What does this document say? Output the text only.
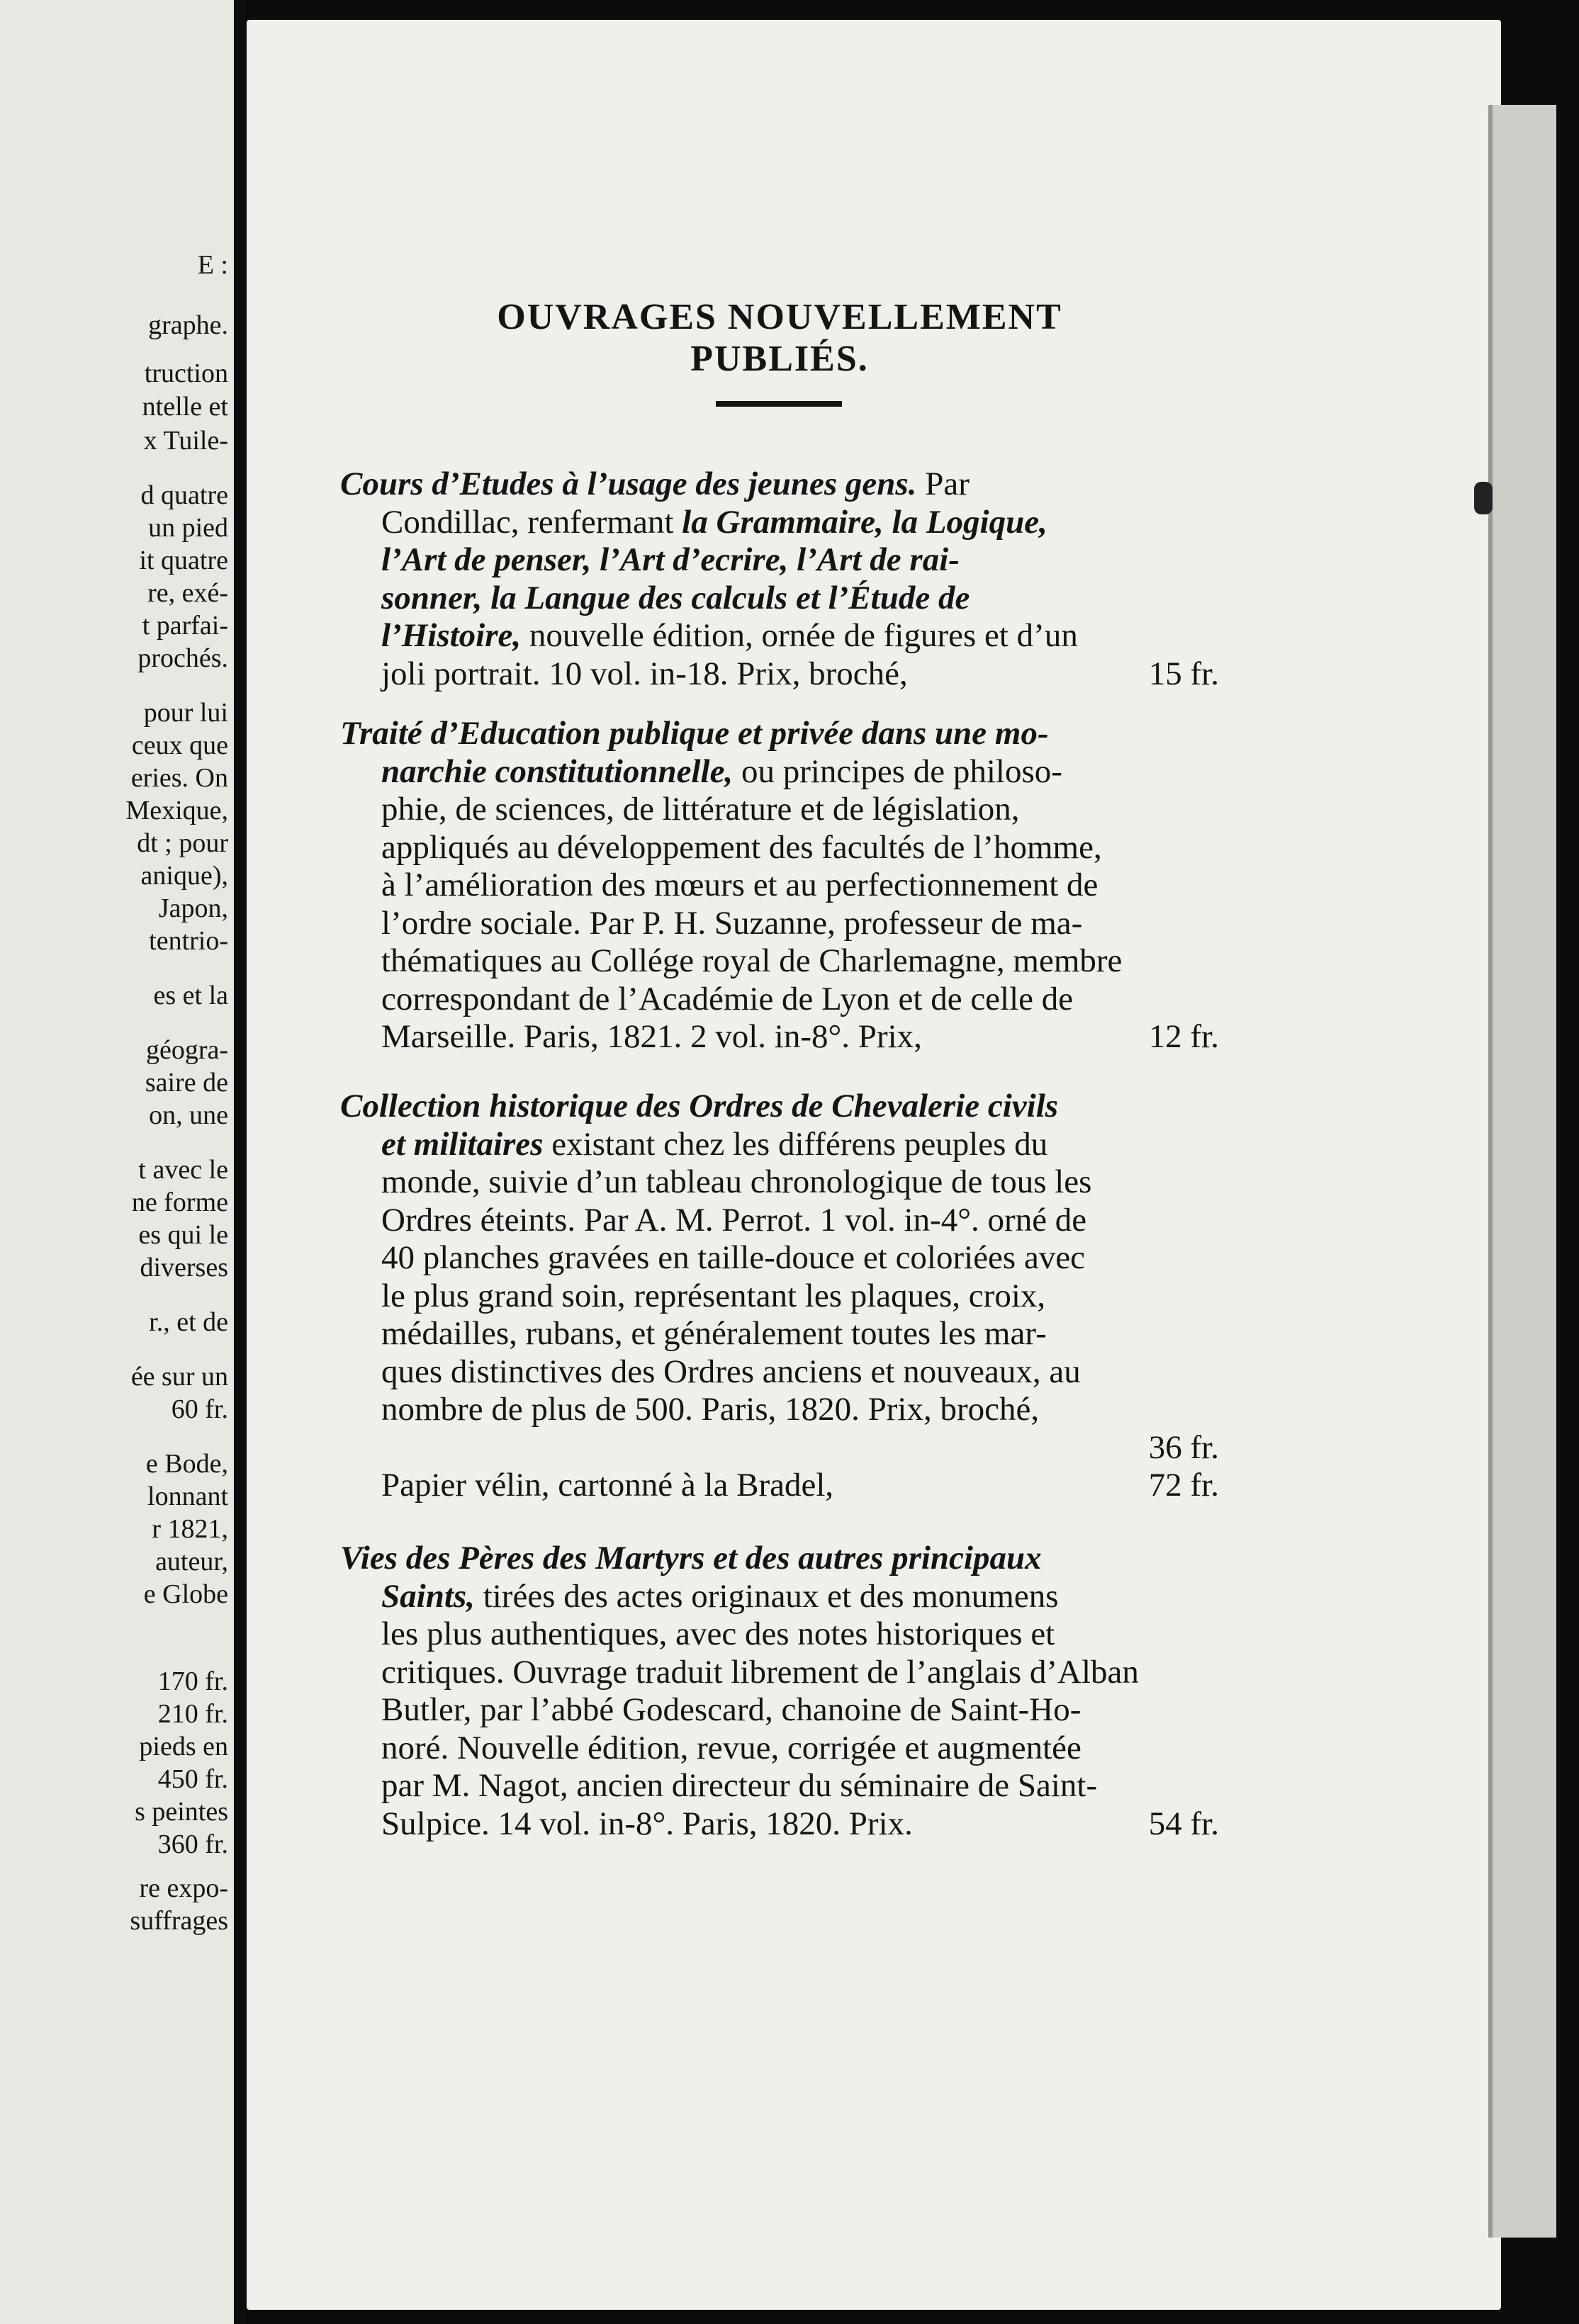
E :
graphe.
truction
ntelle et
x Tuile-
d quatre
un pied
it quatre
re, exé-
t parfai-
prochés.
pour lui
ceux que
eries. On
Mexique,
dt ; pour
anique),
Japon,
tentrio-
es et la
géogra-
saire de
on, une
t avec le
ne forme
es qui le
diverses
r., et de
ée sur un
60 fr.
e Bode,
lonnant
r 1821,
auteur,
e Globe
170 fr.
210 fr.
pieds en
450 fr.
s peintes
360 fr.
re expo-
suffrages
OUVRAGES NOUVELLEMENT PUBLIÉS.
Cours d’Etudes à l’usage des jeunes gens. Par
Condillac, renfermant la Grammaire, la Logique,
l’Art de penser, l’Art d’ecrire, l’Art de rai-
sonner, la Langue des calculs et l’Étude de
l’Histoire, nouvelle édition, ornée de figures et d’un
joli portrait. 10 vol. in-18. Prix, broché,	15 fr.
Traité d’Education publique et privée dans une mo-
narchie constitutionnelle, ou principes de philoso-
phie, de sciences, de littérature et de législation,
appliqués au développement des facultés de l’homme,
à l’amélioration des mœurs et au perfectionnement de
l’ordre sociale. Par P. H. Suzanne, professeur de ma-
thématiques au Collége royal de Charlemagne, membre
correspondant de l’Académie de Lyon et de celle de
Marseille. Paris, 1821. 2 vol. in-8°. Prix,	12 fr.
Collection historique des Ordres de Chevalerie civils
et militaires existant chez les différens peuples du
monde, suivie d’un tableau chronologique de tous les
Ordres éteints. Par A. M. Perrot. 1 vol. in-4°. orné de
40 planches gravées en taille-douce et coloriées avec
le plus grand soin, représentant les plaques, croix,
médailles, rubans, et généralement toutes les mar-
ques distinctives des Ordres anciens et nouveaux, au
nombre de plus de 500. Paris, 1820. Prix, broché,
36 fr.
Papier vélin, cartonné à la Bradel,	72 fr.
Vies des Pères des Martyrs et des autres principaux
Saints, tirées des actes originaux et des monumens
les plus authentiques, avec des notes historiques et
critiques. Ouvrage traduit librement de l’anglais d’Alban
Butler, par l’abbé Godescard, chanoine de Saint-Ho-
noré. Nouvelle édition, revue, corrigée et augmentée
par M. Nagot, ancien directeur du séminaire de Saint-
Sulpice. 14 vol. in-8°. Paris, 1820. Prix.	54 fr.
